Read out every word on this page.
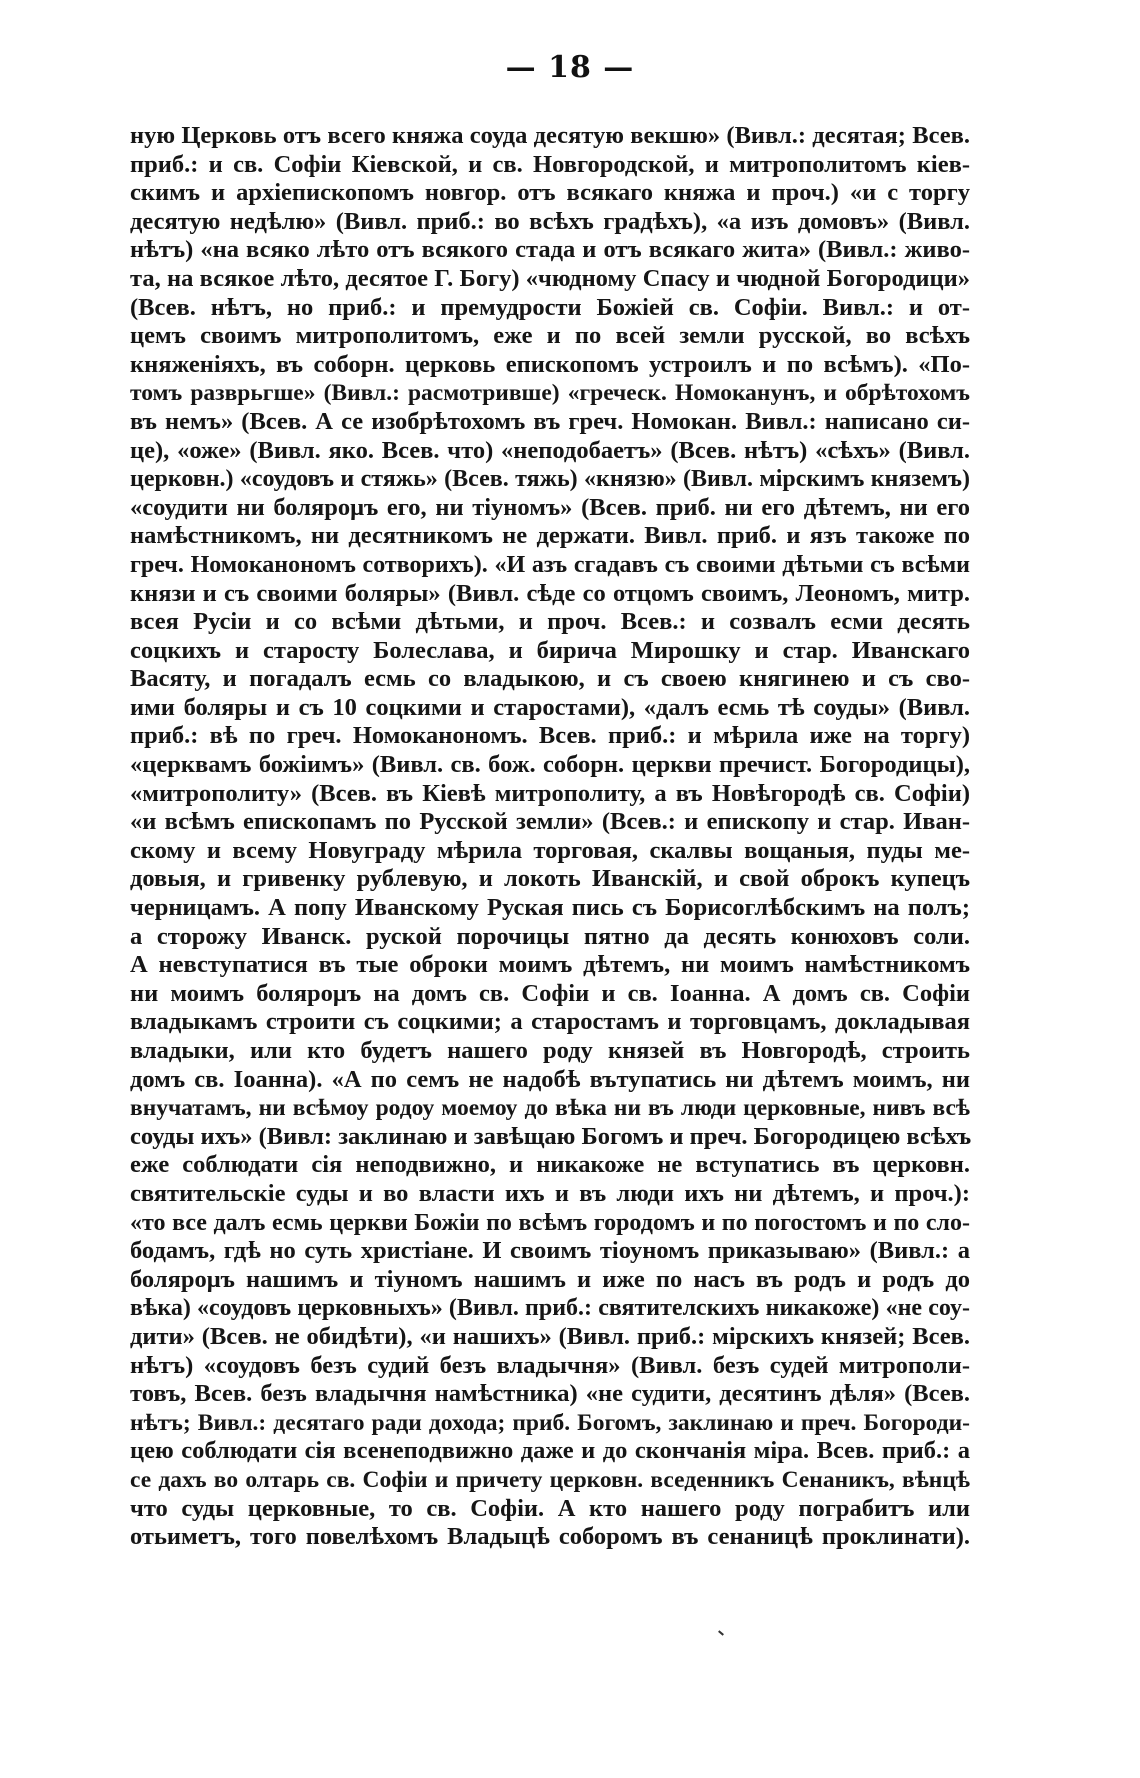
— 18 —
ную Церковь отъ всего княжа соуда десятую векшю» (Вивл.: десятая; Всев.
приб.: и св. Софіи Кіевской, и св. Новгородской, и митрополитомъ кіев-
скимъ и архіепископомъ новгор. отъ всякаго княжа и проч.) «и с торгу
десятую недѣлю» (Вивл. приб.: во всѣхъ градѣхъ), «а изъ домовъ» (Вивл.
нѣтъ) «на всяко лѣто отъ всякого стада и отъ всякаго жита» (Вивл.: живо-
та, на всякое лѣто, десятое Г. Богу) «чюдному Спасу и чюдной Богородици»
(Всев. нѣтъ, но приб.: и премудрости Божіей св. Софіи. Вивл.: и от-
цемъ своимъ митрополитомъ, еже и по всей земли русской, во всѣхъ
княженіяхъ, въ соборн. церковь епископомъ устроилъ и по всѣмъ). «По-
томъ разврьгше» (Вивл.: расмотривше) «греческ. Номоканунъ, и обрѣтохомъ
въ немъ» (Всев. А се изобрѣтохомъ въ греч. Номокан. Вивл.: написано си-
це), «оже» (Вивл. яко. Всев. что) «неподобаетъ» (Всев. нѣтъ) «сѣхъ» (Вивл.
церковн.) «соудовъ и стяжь» (Всев. тяжь) «князю» (Вивл. мірскимъ княземъ)
«соудити ни болярομъ его, ни тіуномъ» (Всев. приб. ни его дѣтемъ, ни его
намѣстникомъ, ни десятникомъ не держати. Вивл. приб. и язъ такоже по
греч. Номоканономъ сотворихъ). «И азъ сгадавъ съ своими дѣтьми съ всѣми
князи и съ своими боляры» (Вивл. сѣде со отцомъ своимъ, Леономъ, митр.
всея Русіи и со всѣми дѣтьми, и проч. Всев.: и созвалъ есми десять
соцкихъ и старосту Болеслава, и бирича Мирошку и стар. Иванскаго
Васяту, и погадалъ есмь со владыкою, и съ своею княгинею и съ сво-
ими боляры и съ 10 соцкими и старостами), «далъ есмь тѣ соуды» (Вивл.
приб.: вѣ по греч. Номоканономъ. Всев. приб.: и мѣрила иже на торгу)
«церквамъ божіимъ» (Вивл. св. бож. соборн. церкви пречист. Богородицы),
«митрополиту» (Всев. въ Кіевѣ митрополиту, а въ Новѣгородѣ св. Софіи)
«и всѣмъ епископамъ по Русской земли» (Всев.: и епископу и стар. Иван-
скому и всему Новуграду мѣрила торговая, скалвы вощаныя, пуды ме-
довыя, и гривенку рублевую, и локоть Иванскій, и свой оброкъ купецъ
черницамъ. А попу Иванскому Руская пись съ Борисоглѣбскимъ на полъ;
а сторожу Иванск. руской порочицы пятно да десять конюховъ соли.
А невступатися въ тые оброки моимъ дѣтемъ, ни моимъ намѣстникомъ
ни моимъ болярομъ на домъ св. Софіи и св. Іоанна. А домъ св. Софіи
владыкамъ строити съ соцкими; а старостамъ и торговцамъ, докладывая
владыки, или кто будетъ нашего роду князей въ Новгородѣ, строить
домъ св. Іоанна). «А по семъ не надобѣ вътупатись ни дѣтемъ моимъ, ни
внучатамъ, ни всѣмоу родоу моемоу до вѣка ни въ люди церковные, нивъ всѣ
соуды ихъ» (Вивл: заклинаю и завѣщаю Богомъ и преч. Богородицею всѣхъ
еже соблюдати сія неподвижно, и никакоже не вступатись въ церковн.
святительскіе суды и во власти ихъ и въ люди ихъ ни дѣтемъ, и проч.):
«то все далъ есмь церкви Божіи по всѣмъ городомъ и по погостомъ и по сло-
бодамъ, гдѣ но суть христіане. И своимъ тіоуномъ приказываю» (Вивл.: а
болярομъ нашимъ и тіуномъ нашимъ и иже по насъ въ родъ и родъ до
вѣка) «соудовъ церковныхъ» (Вивл. приб.: святителскихъ никакоже) «не соу-
дити» (Всев. не обидѣти), «и нашихъ» (Вивл. приб.: мірскихъ князей; Всев.
нѣтъ) «соудовъ безъ судий безъ владычня» (Вивл. безъ судей митрополи-
товъ, Всев. безъ владычня намѣстника) «не судити, десятинъ дѣля» (Всев.
нѣтъ; Вивл.: десятаго ради дохода; приб. Богомъ, заклинаю и преч. Богороди-
цею соблюдати сія всенеподвижно даже и до скончанія міра. Всев. приб.: а
се дахъ во олтарь св. Софіи и причету церковн. вседенникъ Сенаникъ, вѣнцѣ
что суды церковные, то св. Софіи. А кто нашего роду пограбитъ или
отьиметъ, того повелѣхомъ Владыцѣ соборомъ въ сенаницѣ проклинати).
